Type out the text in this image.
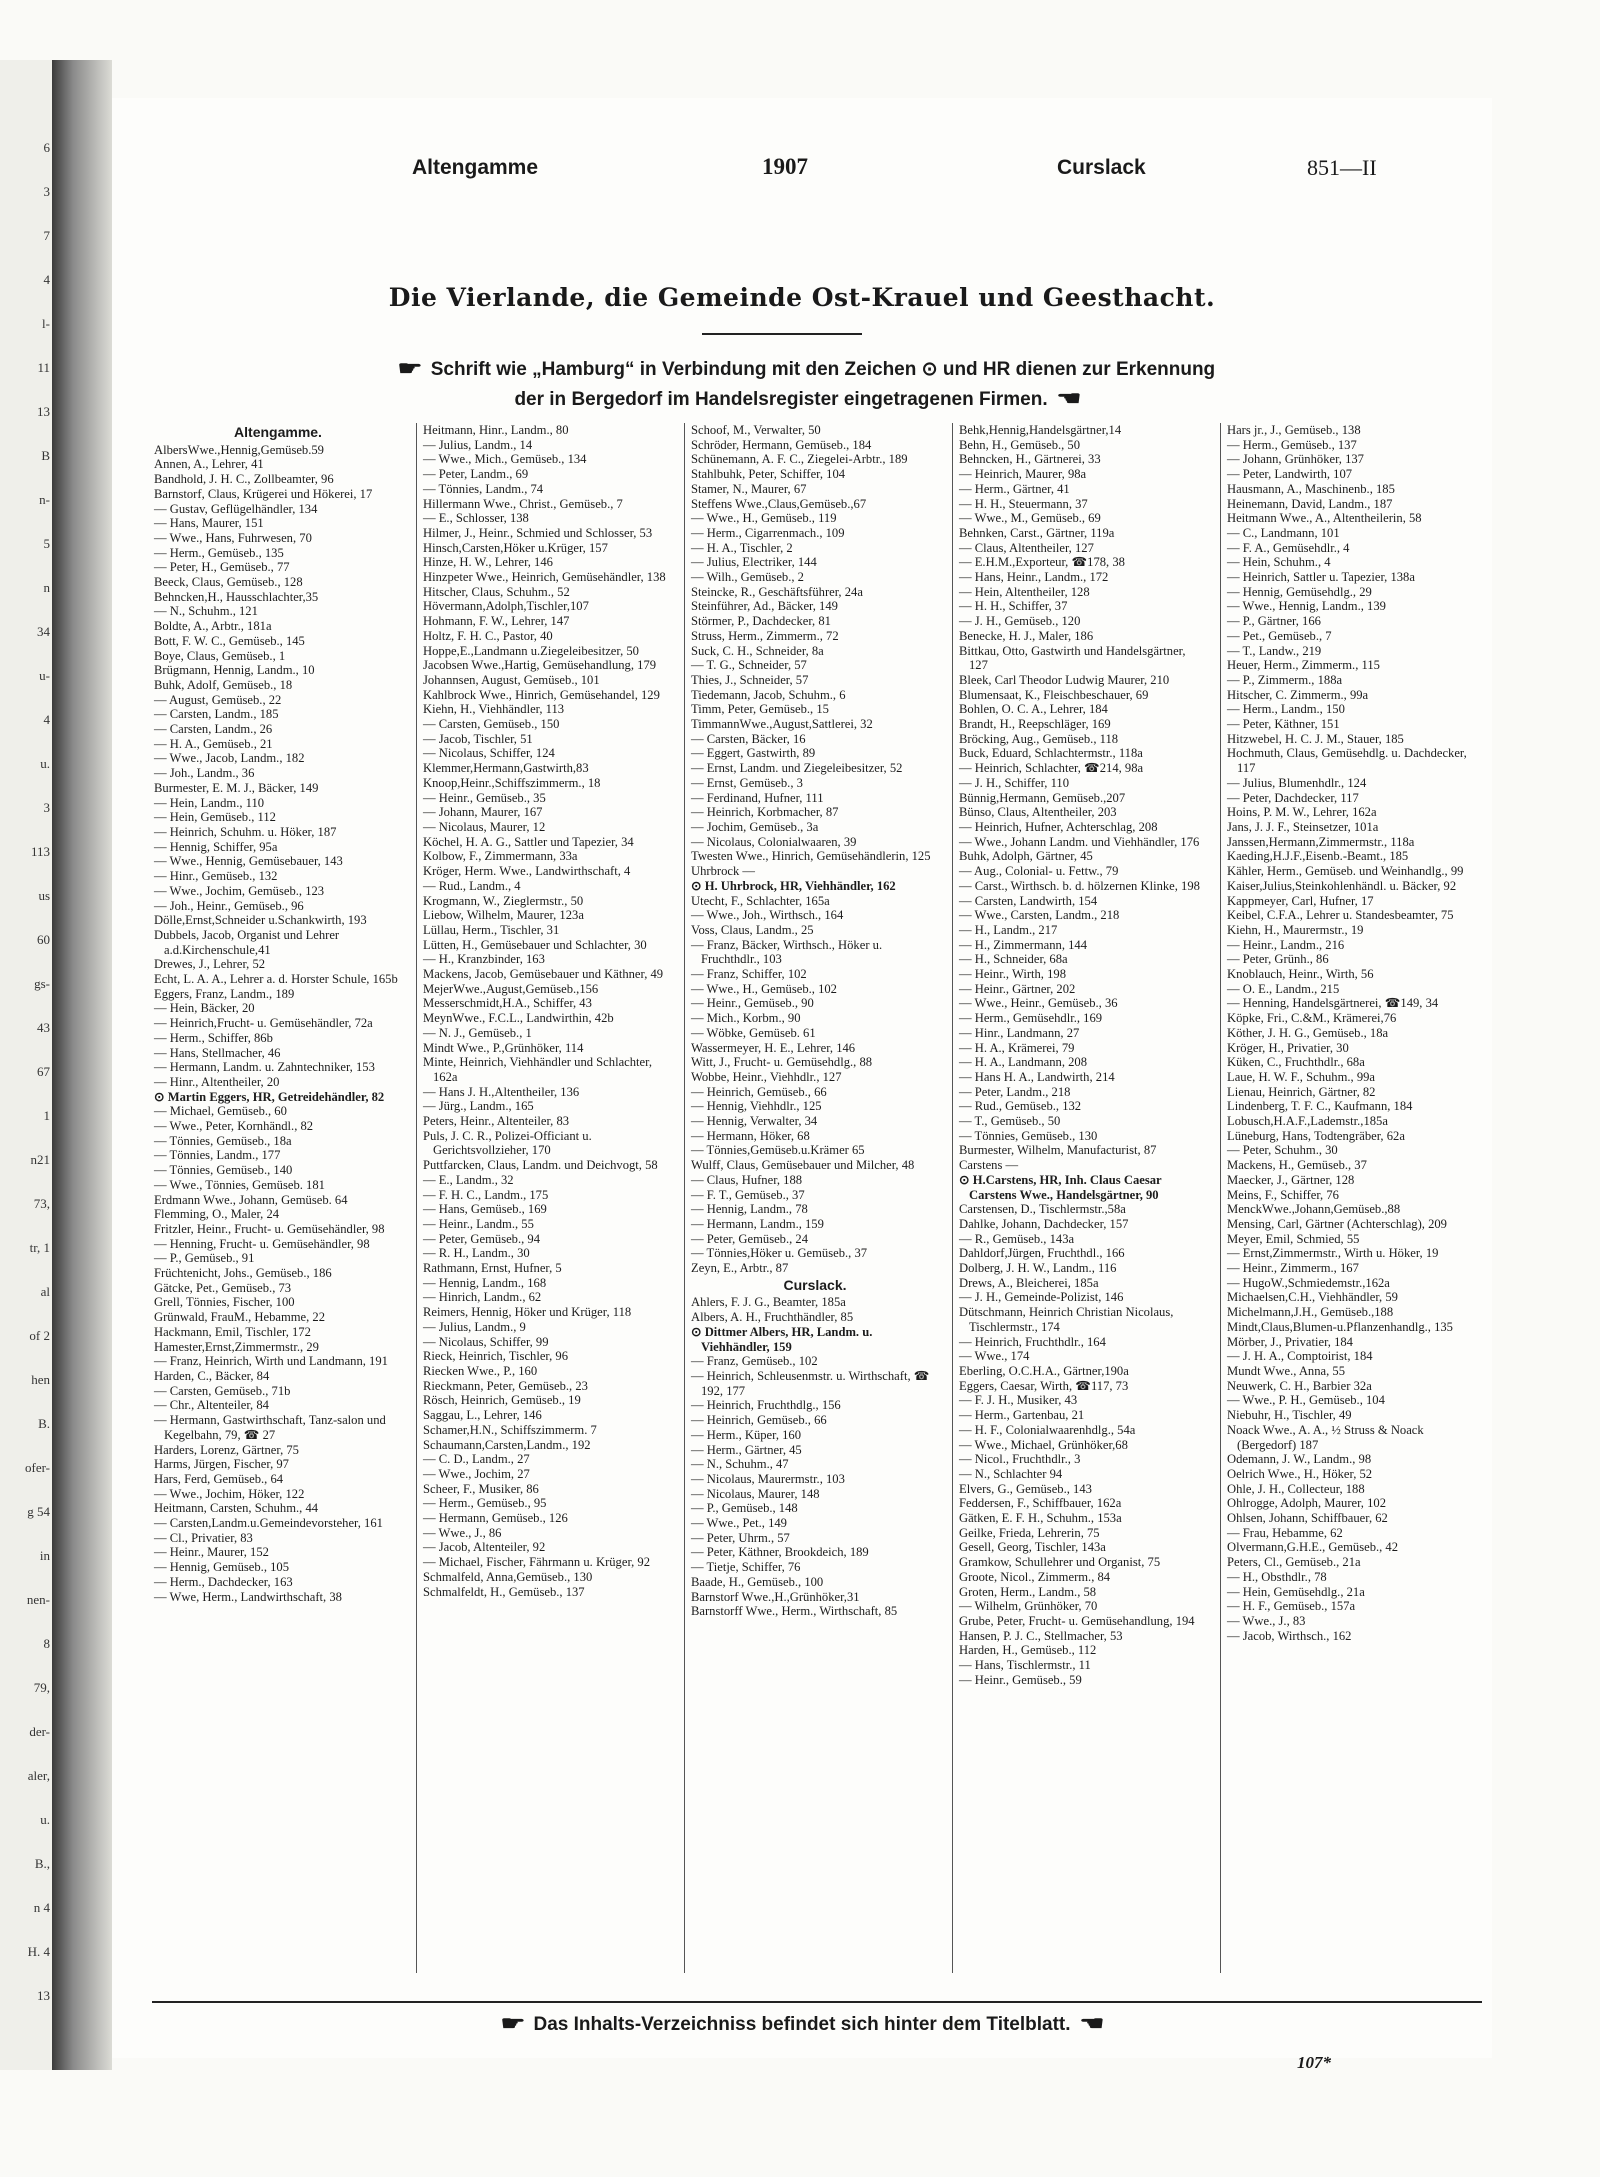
6
3
7
4
l-
11
13
B
n-
5
n
34
u-
4
u.
3
113
us
60
gs-
43
67
1
n21
73,
tr, 1
al
of 2
hen
B.
ofer-
g 54
in
nen-
8
79,
der-
aler,
u.
B.,
n 4
H. 4
13
Altengamme	1907	Curslack	851—II
Die Vierlande, die Gemeinde Ost-Krauel und Geesthacht.
☛ Schrift wie „Hamburg“ in Verbindung mit den Zeichen ⊙ und HR dienen zur Erkennung
der in Bergedorf im Handelsregister eingetragenen Firmen. ☚
Altengamme.
AlbersWwe.,Hennig,Gemüseb.59
Annen, A., Lehrer, 41
Bandhold, J. H. C., Zollbeamter, 96
Barnstorf, Claus, Krügerei und Hökerei, 17
— Gustav, Geflügelhändler, 134
— Hans, Maurer, 151
— Wwe., Hans, Fuhrwesen, 70
— Herm., Gemüseb., 135
— Peter, H., Gemüseb., 77
Beeck, Claus, Gemüseb., 128
Behncken,H., Hausschlachter,35
— N., Schuhm., 121
Boldte, A., Arbtr., 181a
Bott, F. W. C., Gemüseb., 145
Boye, Claus, Gemüseb., 1
Brügmann, Hennig, Landm., 10
Buhk, Adolf, Gemüseb., 18
— August, Gemüseb., 22
— Carsten, Landm., 185
— Carsten, Landm., 26
— H. A., Gemüseb., 21
— Wwe., Jacob, Landm., 182
— Joh., Landm., 36
Burmester, E. M. J., Bäcker, 149
— Hein, Landm., 110
— Hein, Gemüseb., 112
— Heinrich, Schuhm. u. Höker, 187
— Hennig, Schiffer, 95a
— Wwe., Hennig, Gemüsebauer, 143
— Hinr., Gemüseb., 132
— Wwe., Jochim, Gemüseb., 123
— Joh., Heinr., Gemüseb., 96
Dölle,Ernst,Schneider u.Schankwirth, 193
Dubbels, Jacob, Organist und Lehrer a.d.Kirchenschule,41
Drewes, J., Lehrer, 52
Echt, L. A. A., Lehrer a. d. Horster Schule, 165b
Eggers, Franz, Landm., 189
— Hein, Bäcker, 20
— Heinrich,Frucht- u. Gemüsehändler, 72a
— Herm., Schiffer, 86b
— Hans, Stellmacher, 46
— Hermann, Landm. u. Zahntechniker, 153
— Hinr., Altentheiler, 20
⊙ Martin Eggers, HR, Getreidehändler, 82
— Michael, Gemüseb., 60
— Wwe., Peter, Kornhändl., 82
— Tönnies, Gemüseb., 18a
— Tönnies, Landm., 177
— Tönnies, Gemüseb., 140
— Wwe., Tönnies, Gemüseb. 181
Erdmann Wwe., Johann, Gemüseb. 64
Flemming, O., Maler, 24
Fritzler, Heinr., Frucht- u. Gemüsehändler, 98
— Henning, Frucht- u. Gemüsehändler, 98
— P., Gemüseb., 91
Früchtenicht, Johs., Gemüseb., 186
Gätcke, Pet., Gemüseb., 73
Grell, Tönnies, Fischer, 100
Grünwald, FrauM., Hebamme, 22
Hackmann, Emil, Tischler, 172
Hamester,Ernst,Zimmermstr., 29
— Franz, Heinrich, Wirth und Landmann, 191
Harden, C., Bäcker, 84
— Carsten, Gemüseb., 71b
— Chr., Altenteiler, 84
— Hermann, Gastwirthschaft, Tanz-salon und Kegelbahn, 79, ☎ 27
Harders, Lorenz, Gärtner, 75
Harms, Jürgen, Fischer, 97
Hars, Ferd, Gemüseb., 64
— Wwe., Jochim, Höker, 122
Heitmann, Carsten, Schuhm., 44
— Carsten,Landm.u.Gemeindevorsteher, 161
— Cl., Privatier, 83
— Heinr., Maurer, 152
— Hennig, Gemüseb., 105
— Herm., Dachdecker, 163
— Wwe, Herm., Landwirthschaft, 38
Heitmann, Hinr., Landm., 80
— Julius, Landm., 14
— Wwe., Mich., Gemüseb., 134
— Peter, Landm., 69
— Tönnies, Landm., 74
Hillermann Wwe., Christ., Gemüseb., 7
— E., Schlosser, 138
Hilmer, J., Heinr., Schmied und Schlosser, 53
Hinsch,Carsten,Höker u.Krüger, 157
Hinze, H. W., Lehrer, 146
Hinzpeter Wwe., Heinrich, Gemüsehändler, 138
Hitscher, Claus, Schuhm., 52
Hövermann,Adolph,Tischler,107
Hohmann, F. W., Lehrer, 147
Holtz, F. H. C., Pastor, 40
Hoppe,E.,Landmann u.Ziegeleibesitzer, 50
Jacobsen Wwe.,Hartig, Gemüsehandlung, 179
Johannsen, August, Gemüseb., 101
Kahlbrock Wwe., Hinrich, Gemüsehandel, 129
Kiehn, H., Viehhändler, 113
— Carsten, Gemüseb., 150
— Jacob, Tischler, 51
— Nicolaus, Schiffer, 124
Klemmer,Hermann,Gastwirth,83
Knoop,Heinr.,Schiffszimmerm., 18
— Heinr., Gemüseb., 35
— Johann, Maurer, 167
— Nicolaus, Maurer, 12
Köchel, H. A. G., Sattler und Tapezier, 34
Kolbow, F., Zimmermann, 33a
Kröger, Herm. Wwe., Landwirthschaft, 4
— Rud., Landm., 4
Krogmann, W., Zieglermstr., 50
Liebow, Wilhelm, Maurer, 123a
Lüllau, Herm., Tischler, 31
Lütten, H., Gemüsebauer und Schlachter, 30
— H., Kranzbinder, 163
Mackens, Jacob, Gemüsebauer und Käthner, 49
MejerWwe.,August,Gemüseb.,156
Messerschmidt,H.A., Schiffer, 43
MeynWwe., F.C.L., Landwirthin, 42b
— N. J., Gemüseb., 1
Mindt Wwe., P.,Grünhöker, 114
Minte, Heinrich, Viehhändler und Schlachter, 162a
— Hans J. H.,Altentheiler, 136
— Jürg., Landm., 165
Peters, Heinr., Altenteiler, 83
Puls, J. C. R., Polizei-Officiant u. Gerichtsvollzieher, 170
Puttfarcken, Claus, Landm. und Deichvogt, 58
— E., Landm., 32
— F. H. C., Landm., 175
— Hans, Gemüseb., 169
— Heinr., Landm., 55
— Peter, Gemüseb., 94
— R. H., Landm., 30
Rathmann, Ernst, Hufner, 5
— Hennig, Landm., 168
— Hinrich, Landm., 62
Reimers, Hennig, Höker und Krüger, 118
— Julius, Landm., 9
— Nicolaus, Schiffer, 99
Rieck, Heinrich, Tischler, 96
Riecken Wwe., P., 160
Rieckmann, Peter, Gemüseb., 23
Rösch, Heinrich, Gemüseb., 19
Saggau, L., Lehrer, 146
Schamer,H.N., Schiffszimmerm. 7
Schaumann,Carsten,Landm., 192
— C. D., Landm., 27
— Wwe., Jochim, 27
Scheer, F., Musiker, 86
— Herm., Gemüseb., 95
— Hermann, Gemüseb., 126
— Wwe., J., 86
— Jacob, Altenteiler, 92
— Michael, Fischer, Fährmann u. Krüger, 92
Schmalfeld, Anna,Gemüseb., 130
Schmalfeldt, H., Gemüseb., 137
Schoof, M., Verwalter, 50
Schröder, Hermann, Gemüseb., 184
Schünemann, A. F. C., Ziegelei-Arbtr., 189
Stahlbuhk, Peter, Schiffer, 104
Stamer, N., Maurer, 67
Steffens Wwe.,Claus,Gemüseb.,67
— Wwe., H., Gemüseb., 119
— Herm., Cigarrenmach., 109
— H. A., Tischler, 2
— Julius, Electriker, 144
— Wilh., Gemüseb., 2
Steincke, R., Geschäftsführer, 24a
Steinführer, Ad., Bäcker, 149
Störmer, P., Dachdecker, 81
Struss, Herm., Zimmerm., 72
Suck, C. H., Schneider, 8a
— T. G., Schneider, 57
Thies, J., Schneider, 57
Tiedemann, Jacob, Schuhm., 6
Timm, Peter, Gemüseb., 15
TimmannWwe.,August,Sattlerei, 32
— Carsten, Bäcker, 16
— Eggert, Gastwirth, 89
— Ernst, Landm. und Ziegeleibesitzer, 52
— Ernst, Gemüseb., 3
— Ferdinand, Hufner, 111
— Heinrich, Korbmacher, 87
— Jochim, Gemüseb., 3a
— Nicolaus, Colonialwaaren, 39
Twesten Wwe., Hinrich, Gemüsehändlerin, 125
Uhrbrock —
⊙ H. Uhrbrock, HR, Viehhändler, 162
Utecht, F., Schlachter, 165a
— Wwe., Joh., Wirthsch., 164
Voss, Claus, Landm., 25
— Franz, Bäcker, Wirthsch., Höker u. Fruchthdlr., 103
— Franz, Schiffer, 102
— Wwe., H., Gemüseb., 102
— Heinr., Gemüseb., 90
— Mich., Korbm., 90
— Wöbke, Gemüseb. 61
Wassermeyer, H. E., Lehrer, 146
Witt, J., Frucht- u. Gemüsehdlg., 88
Wobbe, Heinr., Viehhdlr., 127
— Heinrich, Gemüseb., 66
— Hennig, Viehhdlr., 125
— Hennig, Verwalter, 34
— Hermann, Höker, 68
— Tönnies,Gemüseb.u.Krämer 65
Wulff, Claus, Gemüsebauer und Milcher, 48
— Claus, Hufner, 188
— F. T., Gemüseb., 37
— Hennig, Landm., 78
— Hermann, Landm., 159
— Peter, Gemüseb., 24
— Tönnies,Höker u. Gemüseb., 37
Zeyn, E., Arbtr., 87
Curslack.
Ahlers, F. J. G., Beamter, 185a
Albers, A. H., Fruchthändler, 85
⊙ Dittmer Albers, HR, Landm. u. Viehhändler, 159
— Franz, Gemüseb., 102
— Heinrich, Schleusenmstr. u. Wirthschaft, ☎ 192, 177
— Heinrich, Fruchthdlg., 156
— Heinrich, Gemüseb., 66
— Herm., Küper, 160
— Herm., Gärtner, 45
— N., Schuhm., 47
— Nicolaus, Maurermstr., 103
— Nicolaus, Maurer, 148
— P., Gemüseb., 148
— Wwe., Pet., 149
— Peter, Uhrm., 57
— Peter, Käthner, Brookdeich, 189
— Tietje, Schiffer, 76
Baade, H., Gemüseb., 100
Barnstorf Wwe.,H.,Grünhöker,31
Barnstorff Wwe., Herm., Wirthschaft, 85
Behk,Hennig,Handelsgärtner,14
Behn, H., Gemüseb., 50
Behncken, H., Gärtnerei, 33
— Heinrich, Maurer, 98a
— Herm., Gärtner, 41
— H. H., Steuermann, 37
— Wwe., M., Gemüseb., 69
Behnken, Carst., Gärtner, 119a
— Claus, Altentheiler, 127
— E.H.M.,Exporteur, ☎178, 38
— Hans, Heinr., Landm., 172
— Hein, Altentheiler, 128
— H. H., Schiffer, 37
— J. H., Gemüseb., 120
Benecke, H. J., Maler, 186
Bittkau, Otto, Gastwirth und Handelsgärtner, 127
Bleek, Carl Theodor Ludwig Maurer, 210
Blumensaat, K., Fleischbeschauer, 69
Bohlen, O. C. A., Lehrer, 184
Brandt, H., Reepschläger, 169
Bröcking, Aug., Gemüseb., 118
Buck, Eduard, Schlachtermstr., 118a
— Heinrich, Schlachter, ☎214, 98a
— J. H., Schiffer, 110
Bünnig,Hermann, Gemüseb.,207
Bünso, Claus, Altentheiler, 203
— Heinrich, Hufner, Achterschlag, 208
— Wwe., Johann Landm. und Viehhändler, 176
Buhk, Adolph, Gärtner, 45
— Aug., Colonial- u. Fettw., 79
— Carst., Wirthsch. b. d. hölzernen Klinke, 198
— Carsten, Landwirth, 154
— Wwe., Carsten, Landm., 218
— H., Landm., 217
— H., Zimmermann, 144
— H., Schneider, 68a
— Heinr., Wirth, 198
— Heinr., Gärtner, 202
— Wwe., Heinr., Gemüseb., 36
— Herm., Gemüsehdlr., 169
— Hinr., Landmann, 27
— H. A., Krämerei, 79
— H. A., Landmann, 208
— Hans H. A., Landwirth, 214
— Peter, Landm., 218
— Rud., Gemüseb., 132
— T., Gemüseb., 50
— Tönnies, Gemüseb., 130
Burmester, Wilhelm, Manufacturist, 87
Carstens —
⊙ H.Carstens, HR, Inh. Claus Caesar Carstens Wwe., Handelsgärtner, 90
Carstensen, D., Tischlermstr.,58a
Dahlke, Johann, Dachdecker, 157
— R., Gemüseb., 143a
Dahldorf,Jürgen, Fruchthdl., 166
Dolberg, J. H. W., Landm., 116
Drews, A., Bleicherei, 185a
— J. H., Gemeinde-Polizist, 146
Dütschmann, Heinrich Christian Nicolaus, Tischlermstr., 174
— Heinrich, Fruchthdlr., 164
— Wwe., 174
Eberling, O.C.H.A., Gärtner,190a
Eggers, Caesar, Wirth, ☎117, 73
— F. J. H., Musiker, 43
— Herm., Gartenbau, 21
— H. F., Colonialwaarenhdlg., 54a
— Wwe., Michael, Grünhöker,68
— Nicol., Fruchthdlr., 3
— N., Schlachter 94
Elvers, G., Gemüseb., 143
Feddersen, F., Schiffbauer, 162a
Gätken, E. F. H., Schuhm., 153a
Geilke, Frieda, Lehrerin, 75
Gesell, Georg, Tischler, 143a
Gramkow, Schullehrer und Organist, 75
Groote, Nicol., Zimmerm., 84
Groten, Herm., Landm., 58
— Wilhelm, Grünhöker, 70
Grube, Peter, Frucht- u. Gemüsehandlung, 194
Hansen, P. J. C., Stellmacher, 53
Harden, H., Gemüseb., 112
— Hans, Tischlermstr., 11
— Heinr., Gemüseb., 59
Hars jr., J., Gemüseb., 138
— Herm., Gemüseb., 137
— Johann, Grünhöker, 137
— Peter, Landwirth, 107
Hausmann, A., Maschinenb., 185
Heinemann, David, Landm., 187
Heitmann Wwe., A., Altentheilerin, 58
— C., Landmann, 101
— F. A., Gemüsehdlr., 4
— Hein, Schuhm., 4
— Heinrich, Sattler u. Tapezier, 138a
— Hennig, Gemüsehdlg., 29
— Wwe., Hennig, Landm., 139
— P., Gärtner, 166
— Pet., Gemüseb., 7
— T., Landw., 219
Heuer, Herm., Zimmerm., 115
— P., Zimmerm., 188a
Hitscher, C. Zimmerm., 99a
— Herm., Landm., 150
— Peter, Käthner, 151
Hitzwebel, H. C. J. M., Stauer, 185
Hochmuth, Claus, Gemüsehdlg. u. Dachdecker, 117
— Julius, Blumenhdlr., 124
— Peter, Dachdecker, 117
Hoins, P. M. W., Lehrer, 162a
Jans, J. J. F., Steinsetzer, 101a
Janssen,Hermann,Zimmermstr., 118a
Kaeding,H.J.F.,Eisenb.-Beamt., 185
Kähler, Herm., Gemüseb. und Weinhandlg., 99
Kaiser,Julius,Steinkohlenhändl. u. Bäcker, 92
Kappmeyer, Carl, Hufner, 17
Keibel, C.F.A., Lehrer u. Standesbeamter, 75
Kiehn, H., Maurermstr., 19
— Heinr., Landm., 216
— Peter, Grünh., 86
Knoblauch, Heinr., Wirth, 56
— O. E., Landm., 215
— Henning, Handelsgärtnerei, ☎149, 34
Köpke, Fri., C.&M., Krämerei,76
Köther, J. H. G., Gemüseb., 18a
Kröger, H., Privatier, 30
Küken, C., Fruchthdlr., 68a
Laue, H. W. F., Schuhm., 99a
Lienau, Heinrich, Gärtner, 82
Lindenberg, T. F. C., Kaufmann, 184
Lobusch,H.A.F.,Lademstr.,185a
Lüneburg, Hans, Todtengräber, 62a
— Peter, Schuhm., 30
Mackens, H., Gemüseb., 37
Maecker, J., Gärtner, 128
Meins, F., Schiffer, 76
MenckWwe.,Johann,Gemüseb.,88
Mensing, Carl, Gärtner (Achterschlag), 209
Meyer, Emil, Schmied, 55
— Ernst,Zimmermstr., Wirth u. Höker, 19
— Heinr., Zimmerm., 167
— HugoW.,Schmiedemstr.,162a
Michaelsen,C.H., Viehhändler, 59
Michelmann,J.H., Gemüseb.,188
Mindt,Claus,Blumen-u.Pflanzenhandlg., 135
Mörber, J., Privatier, 184
— J. H. A., Comptoirist, 184
Mundt Wwe., Anna, 55
Neuwerk, C. H., Barbier 32a
— Wwe., P. H., Gemüseb., 104
Niebuhr, H., Tischler, 49
Noack Wwe., A. A., ½ Struss & Noack (Bergedorf) 187
Odemann, J. W., Landm., 98
Oelrich Wwe., H., Höker, 52
Ohle, J. H., Collecteur, 188
Ohlrogge, Adolph, Maurer, 102
Ohlsen, Johann, Schiffbauer, 62
— Frau, Hebamme, 62
Olvermann,G.H.E., Gemüseb., 42
Peters, Cl., Gemüseb., 21a
— H., Obsthdlr., 78
— Hein, Gemüsehdlg., 21a
— H. F., Gemüseb., 157a
— Wwe., J., 83
— Jacob, Wirthsch., 162
☛ Das Inhalts-Verzeichniss befindet sich hinter dem Titelblatt. ☚
107*
